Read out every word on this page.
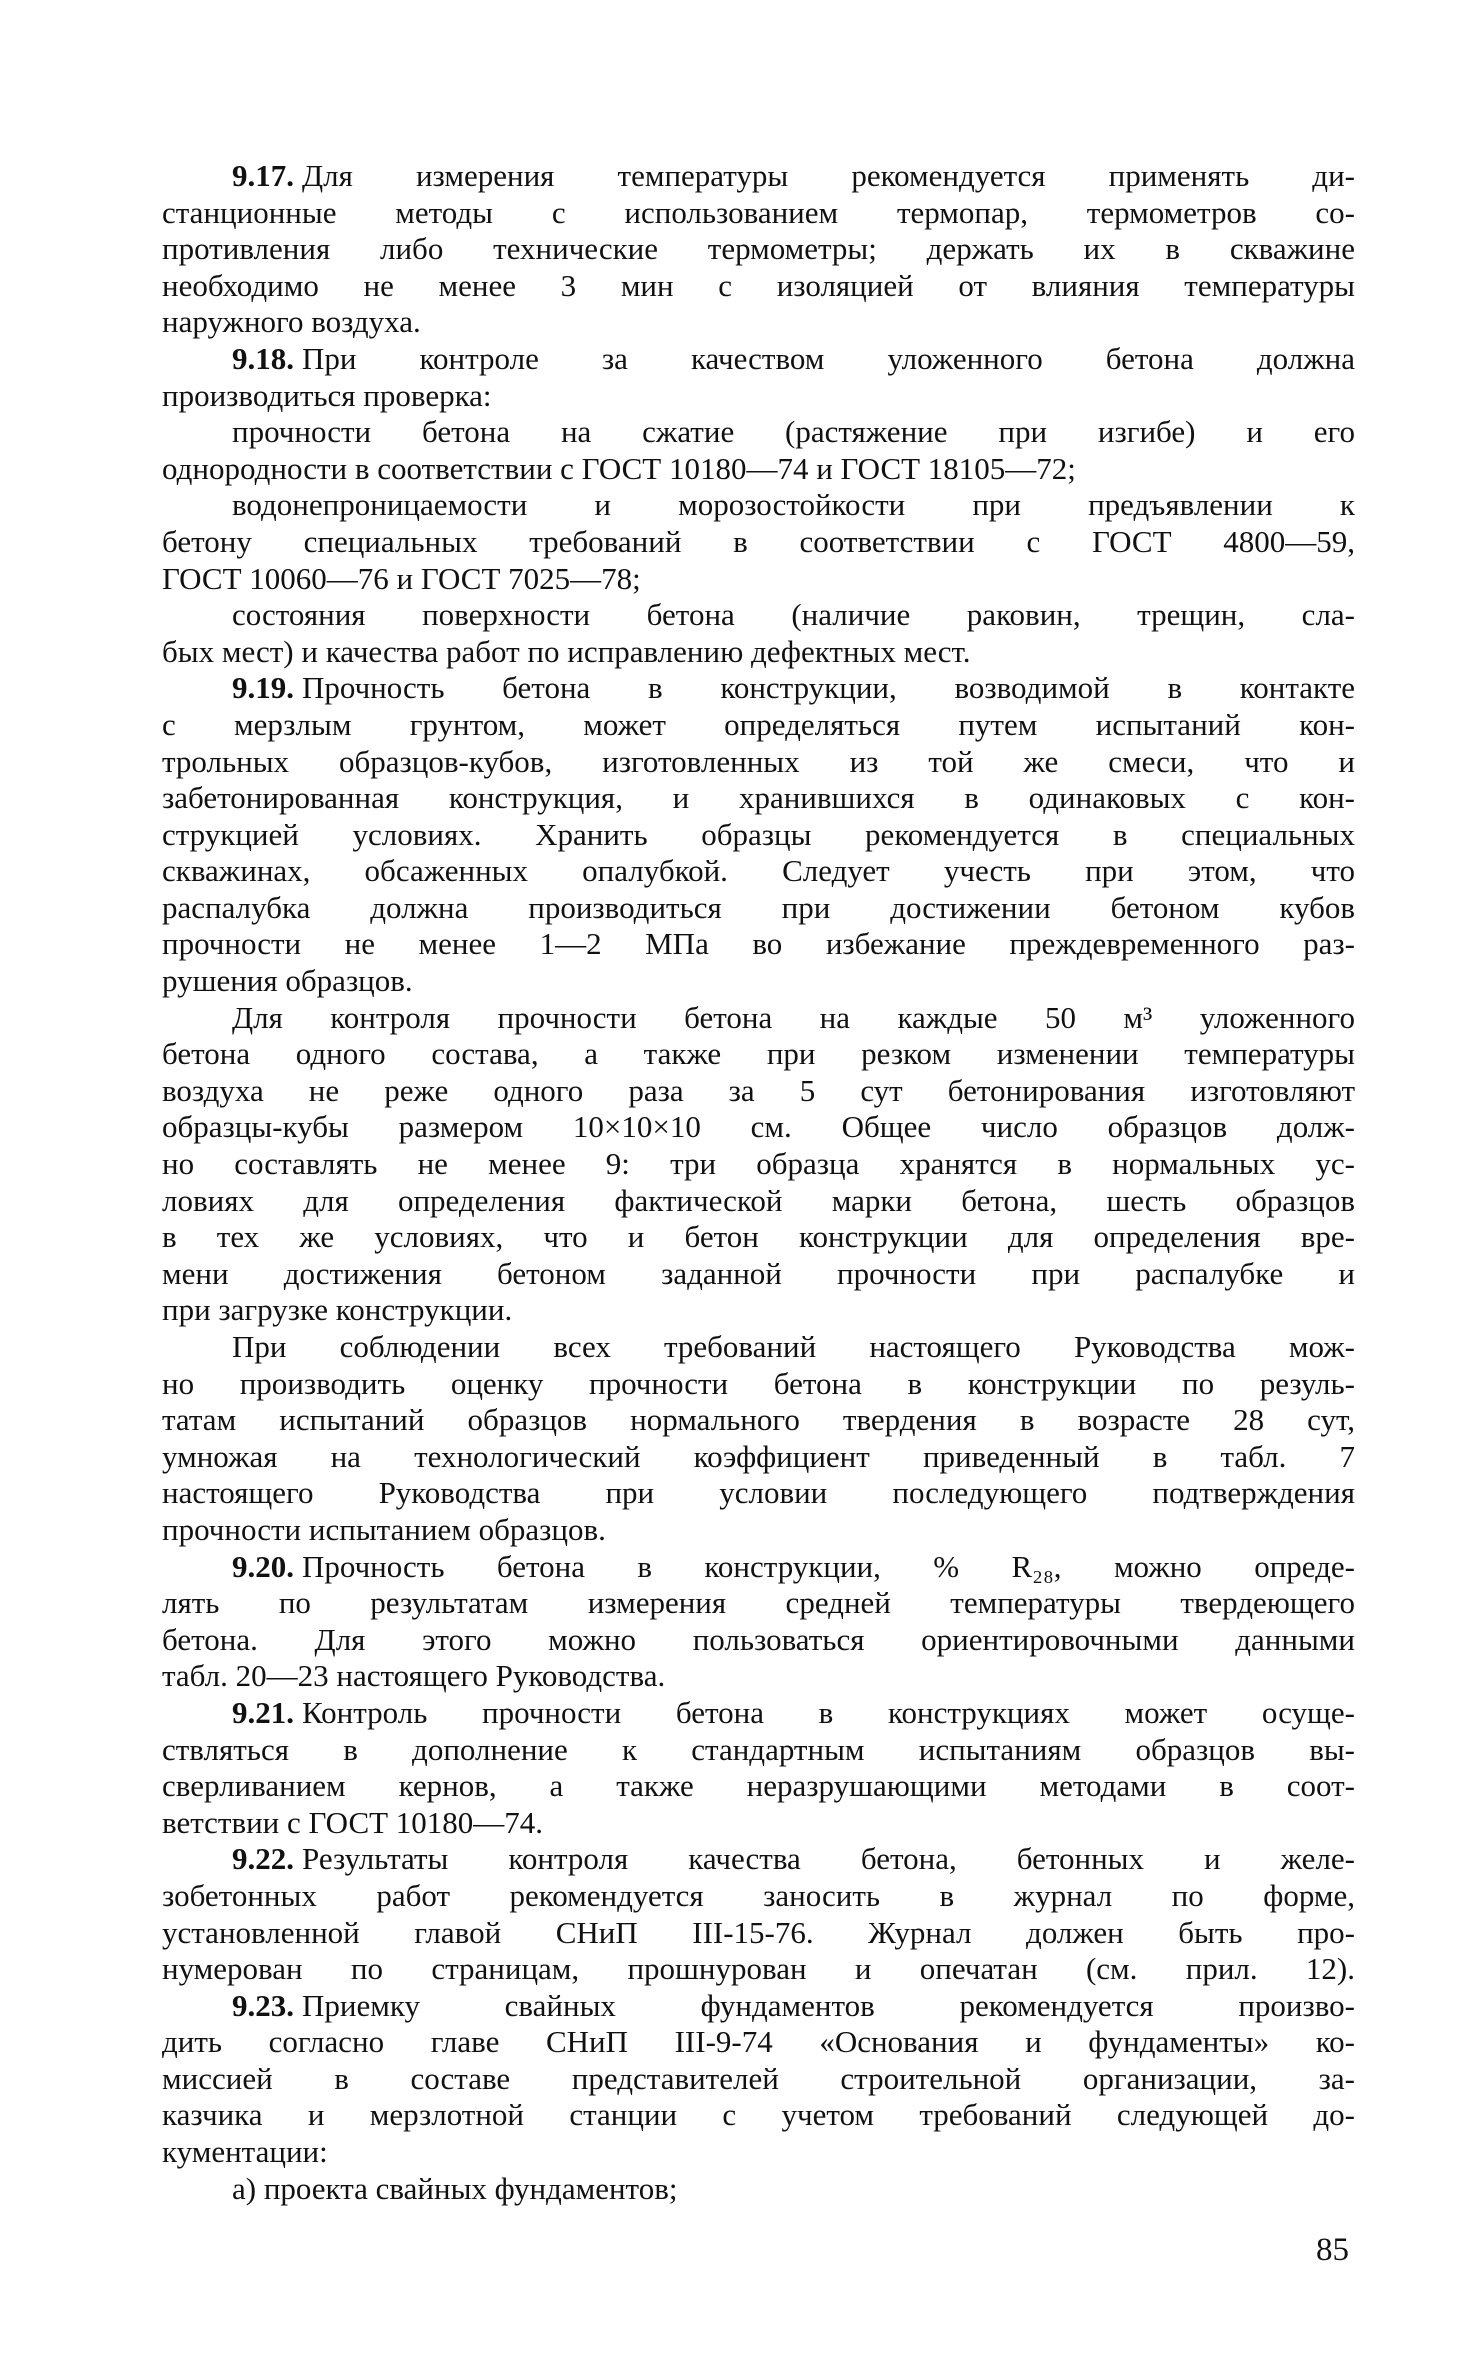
9.17. Для измерения температуры рекомендуется применять ди-
станционные методы с использованием термопар, термометров со-
противления либо технические термометры; держать их в скважине
необходимо не менее 3 мин с изоляцией от влияния температуры
наружного воздуха.
9.18. При контроле за качеством уложенного бетона должна
производиться проверка:
прочности бетона на сжатие (растяжение при изгибе) и его
однородности в соответствии с ГОСТ 10180—74 и ГОСТ 18105—72;
водонепроницаемости и морозостойкости при предъявлении к
бетону специальных требований в соответствии с ГОСТ 4800—59,
ГОСТ 10060—76 и ГОСТ 7025—78;
состояния поверхности бетона (наличие раковин, трещин, сла-
бых мест) и качества работ по исправлению дефектных мест.
9.19. Прочность бетона в конструкции, возводимой в контакте
с мерзлым грунтом, может определяться путем испытаний кон-
трольных образцов-кубов, изготовленных из той же смеси, что и
забетонированная конструкция, и хранившихся в одинаковых с кон-
струкцией условиях. Хранить образцы рекомендуется в специальных
скважинах, обсаженных опалубкой. Следует учесть при этом, что
распалубка должна производиться при достижении бетоном кубов
прочности не менее 1—2 МПа во избежание преждевременного раз-
рушения образцов.
Для контроля прочности бетона на каждые 50 м³ уложенного
бетона одного состава, а также при резком изменении температуры
воздуха не реже одного раза за 5 сут бетонирования изготовляют
образцы-кубы размером 10×10×10 см. Общее число образцов долж-
но составлять не менее 9: три образца хранятся в нормальных ус-
ловиях для определения фактической марки бетона, шесть образцов
в тех же условиях, что и бетон конструкции для определения вре-
мени достижения бетоном заданной прочности при распалубке и
при загрузке конструкции.
При соблюдении всех требований настоящего Руководства мож-
но производить оценку прочности бетона в конструкции по резуль-
татам испытаний образцов нормального твердения в возрасте 28 сут,
умножая на технологический коэффициент приведенный в табл. 7
настоящего Руководства при условии последующего подтверждения
прочности испытанием образцов.
9.20. Прочность бетона в конструкции, % R₂₈, можно опреде-
лять по результатам измерения средней температуры твердеющего
бетона. Для этого можно пользоваться ориентировочными данными
табл. 20—23 настоящего Руководства.
9.21. Контроль прочности бетона в конструкциях может осуще-
ствляться в дополнение к стандартным испытаниям образцов вы-
сверливанием кернов, а также неразрушающими методами в соот-
ветствии с ГОСТ 10180—74.
9.22. Результаты контроля качества бетона, бетонных и желе-
зобетонных работ рекомендуется заносить в журнал по форме,
установленной главой СНиП III-15-76. Журнал должен быть про-
нумерован по страницам, прошнурован и опечатан (см. прил. 12).
9.23. Приемку свайных фундаментов рекомендуется произво-
дить согласно главе СНиП III-9-74 «Основания и фундаменты» ко-
миссией в составе представителей строительной организации, за-
казчика и мерзлотной станции с учетом требований следующей до-
кументации:
а) проекта свайных фундаментов;
85
